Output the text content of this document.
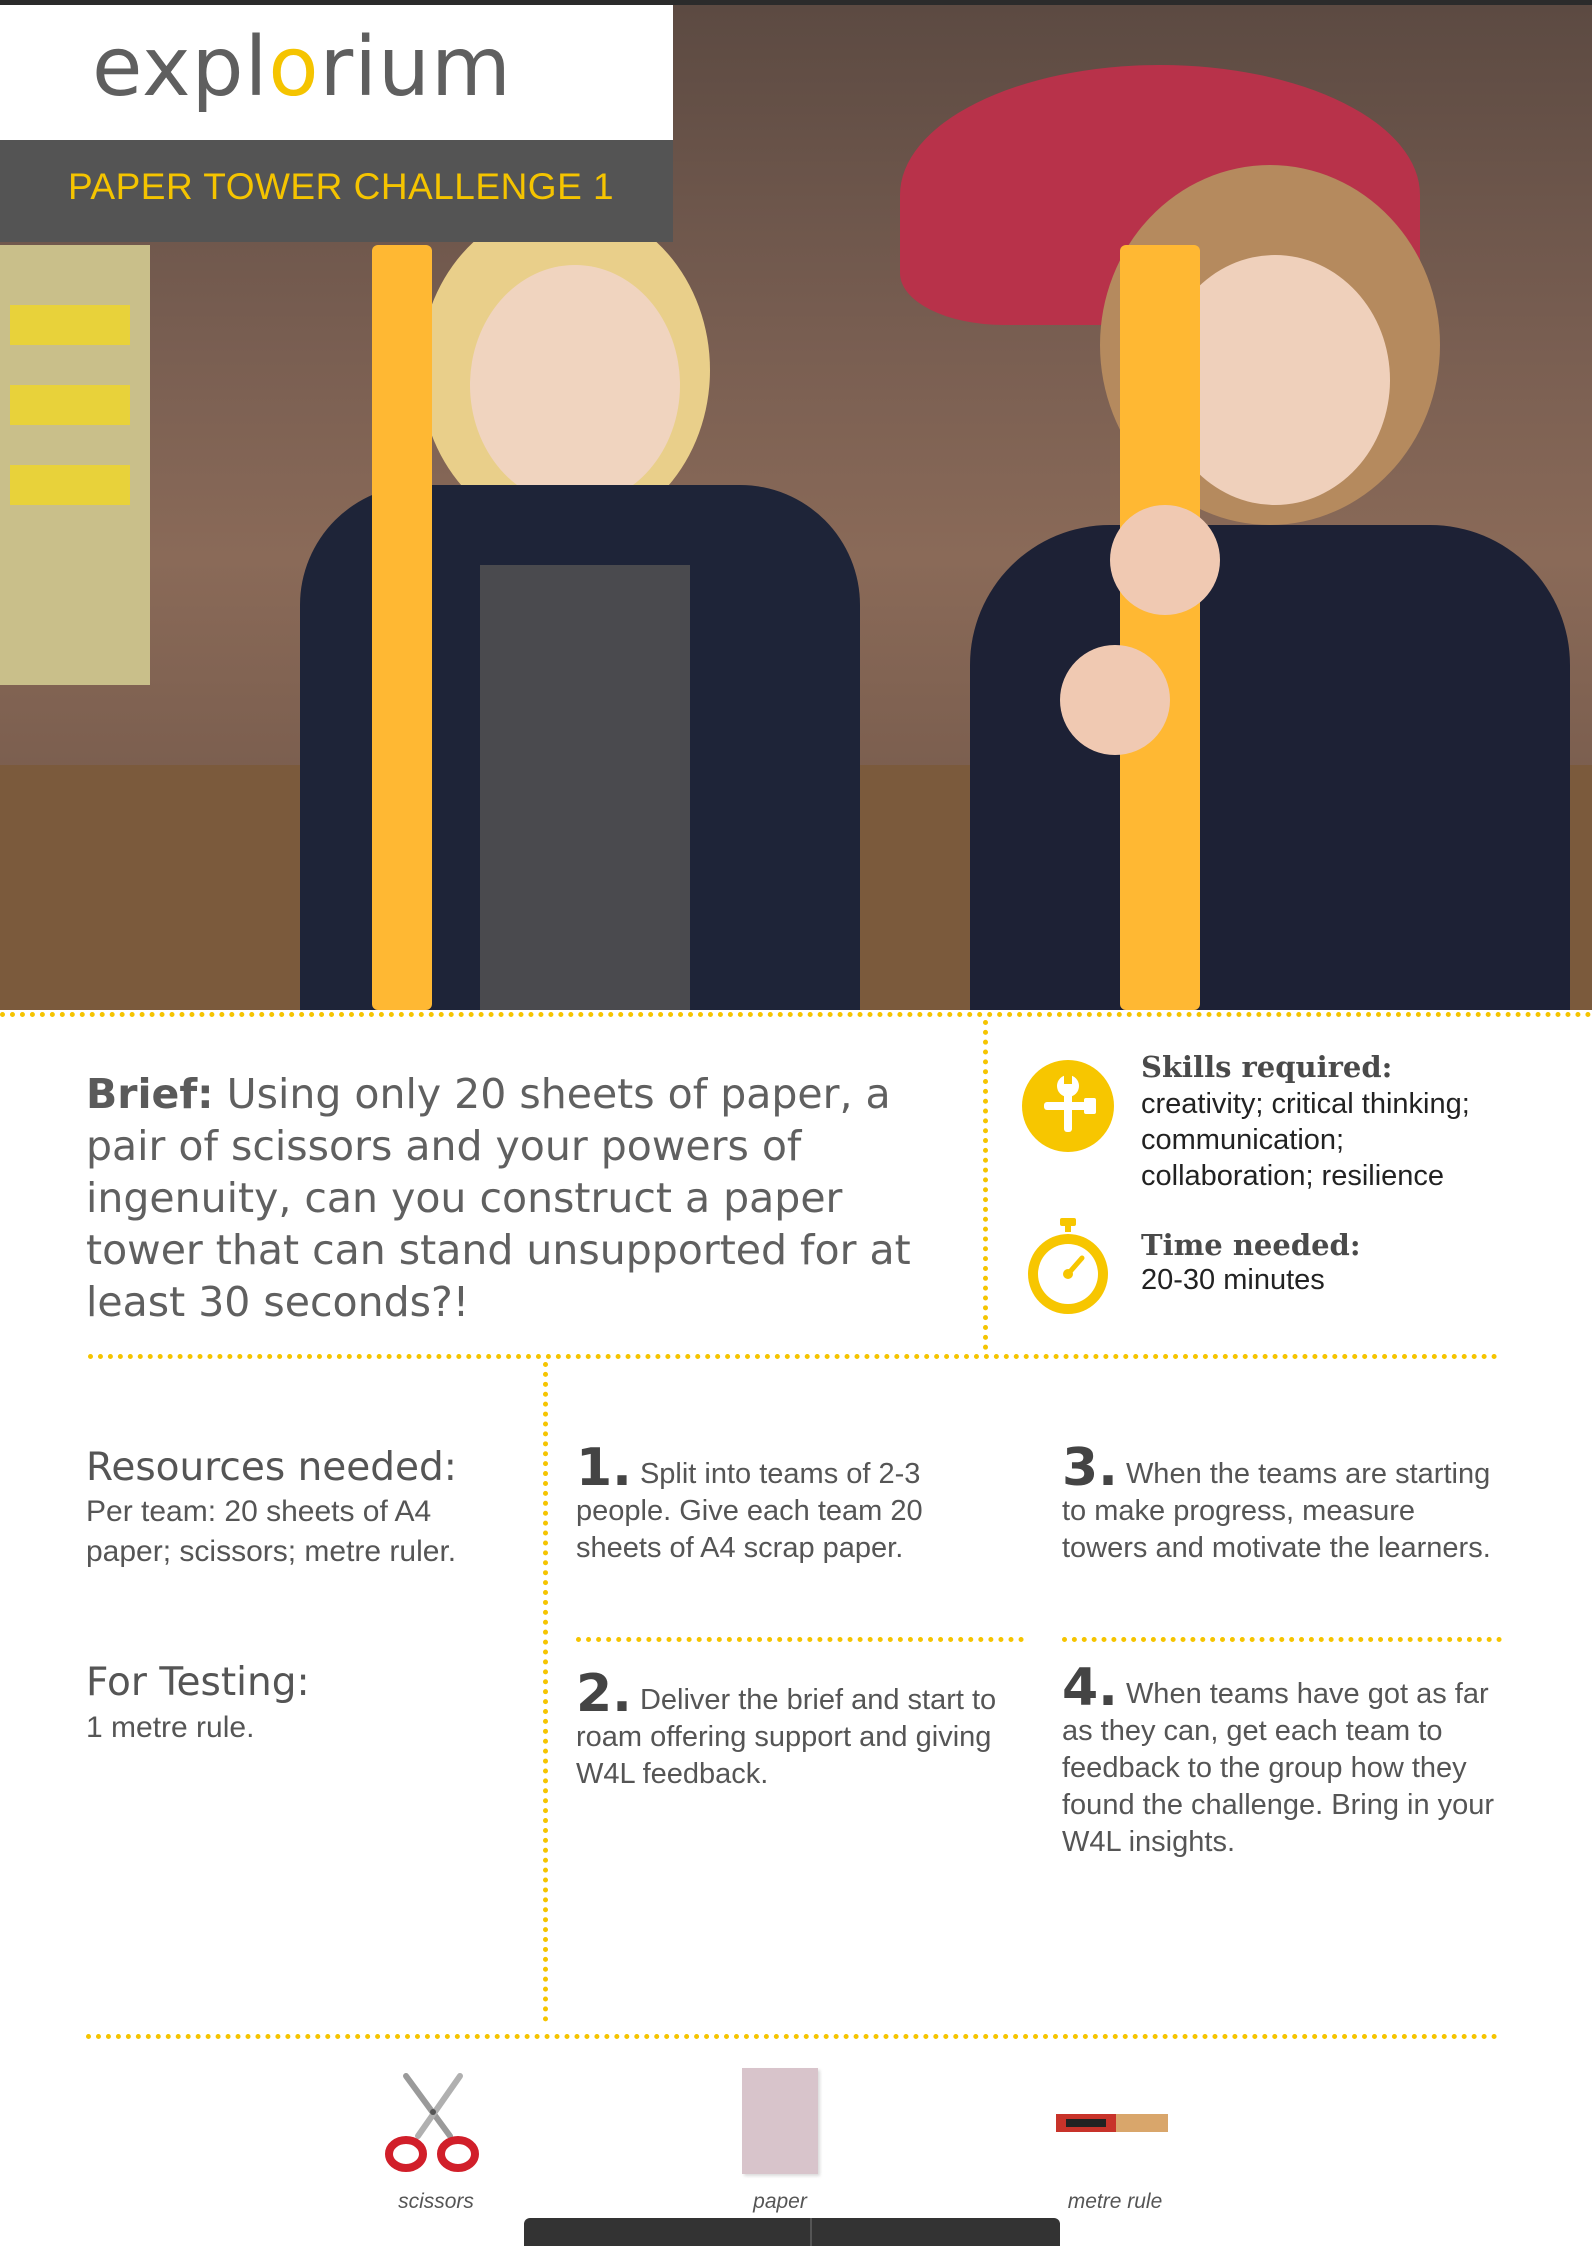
explorium
PAPER TOWER CHALLENGE 1
Brief: Using only 20 sheets of paper, a pair of scissors and your powers of ingenuity, can you construct a paper tower that can stand unsupported for at least 30 seconds?!
Skills required:
creativity; critical thinking; communication; collaboration; resilience
Time needed:
20-30 minutes
Resources needed:
Per team: 20 sheets of A4 paper; scissors; metre ruler.
For Testing:
1 metre rule.
1. Split into teams of 2-3 people. Give each team 20 sheets of A4 scrap paper.
2. Deliver the brief and start to roam offering support and giving W4L feedback.
3. When the teams are starting to make progress, measure towers and motivate the learners.
4. When teams have got as far as they can, get each team to feedback to the group how they found the challenge. Bring in your W4L insights.
scissors	paper	metre rule
